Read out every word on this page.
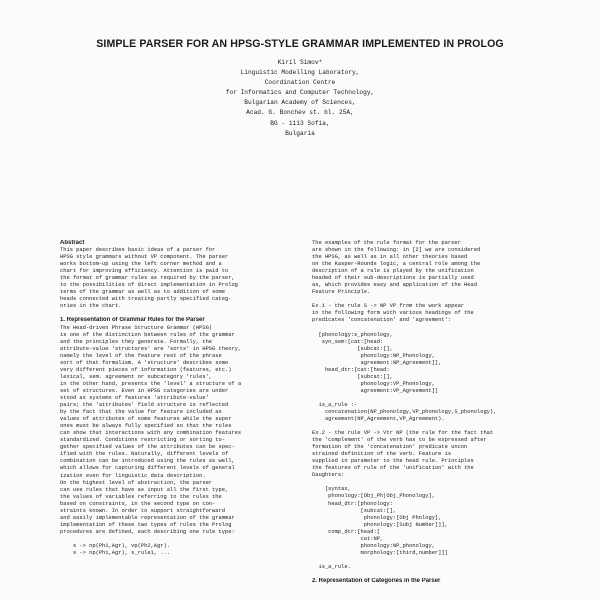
SIMPLE PARSER FOR AN HPSG-STYLE GRAMMAR IMPLEMENTED IN PROLOG
Kiril Simov*
Linguistic Modelling Laboratory,
Coordination Centre
for Informatics and Computer Technology,
Bulgarian Academy of Sciences,
Acad. G. Bonchev st. bl. 25A,
BG - 1113 Sofia,
Bulgaria
Abstract
This paper describes basic ideas of a parser for
HPSG style grammars without VP component. The parser
works bottom-up using the left corner method and a
chart for improving efficiency. Attention is paid to
the format of grammar rules as required by the parser,
to the possibilities of direct implementation in Prolog
terms of the grammar as well as to addition of some
heads connected with treating partly specified categ-
ories in the chart.
1. Representation of Grammar Rules for the Parser
The Head-driven Phrase Structure Grammar (HPSG)
is one of the distinction between rules of the grammar
and the principles they generate. Formally, the
attribute-value 'structures' are 'sorts' in HPSG theory,
namely the level of the feature rest of the phrase
sort of that formalism. A 'structure' describes some
very different pieces of information (features, etc.)
lexical, sem. agreement or subcategory 'rules',
in the other hand, presents the 'level' a structure of a
set of structures. Even in HPSG categories are under
stood as systems of features 'attribute-value'
pairs; the 'attributes' field structure is reflected
by the fact that the value for feature included as
values of attributes of some features while the super
ones must be always fully specified so that the rules
can show that interactions with any combination features
standardized. Conditions restricting or sorting to-
gether specified values of the attributes can be spec-
ified with the rules. Naturally, different levels of
combination can be introduced using the rules as well,
which allows for capturing different levels of general
ization even for linguistic data description.
On the highest level of abstraction, the parser
can use rules that have as input all the first type,
the values of variables referring to the rules the
based on constraints, in the second type on con-
straints known. In order to support straightforward
and easily implementable representation of the grammar
implementation of these two types of rules the Prolog
procedures are defined, each describing one rule type:
s -> np(Ph1,Agr), vp(Ph2,Agr).
s -> np(Ph1,Agr), s_rule1, ...
The examples of the rule format for the parser
are shown in the following: in [2] we are considered
the HPSG, as well as in all other theories based
on the Kasper-Rounds logic, a central role among the
description of a rule is played by the unification
headed of their sub-descriptions is partially used
as, which provides easy and application of the Head
Feature Principle.
Ex.1 - the rule S -> NP VP from the work appear
in the following form with various headings of the
predicates 'concatenation' and 'agreement':
[phonology:s_phonology,
syn_sem:[cat:[head:
[subcat:[],
phonology:NP_Phonology,
agreement:NP_Agreement]],
head_dtr:[cat:[head:
[subcat:[],
phonology:VP_Phonology,
agreement:VP_Agreement]]
is_a_rule :-
concatenation(NP_phonology,VP_phonology,S_phonology),
agreement(NP_Agreement,VP_Agreement).
Ex.2 - the rule VP -> Vtr NP (the rule for the fact that
the 'complement' of the verb has to be expressed after
formation of the 'concatenation' predicate uncon
strained definition of the verb. Feature is
supplied in parameter to the head rule. Principles
the features of rule of the 'unification' with the
Daughters:
[syntax,
phonology:[Obj_Ph|Obj_Phonology],
head_dtr:[phonology:
[subcat:[],
phonology:[Obj Phology],
phonology:[Subj Number]]],
comp_dtr:[head:[
cat:NP,
phonology:NP_phonology,
morphology:[third,number]]]
is_a_rule.
2. Representation of Categories in the Parser
